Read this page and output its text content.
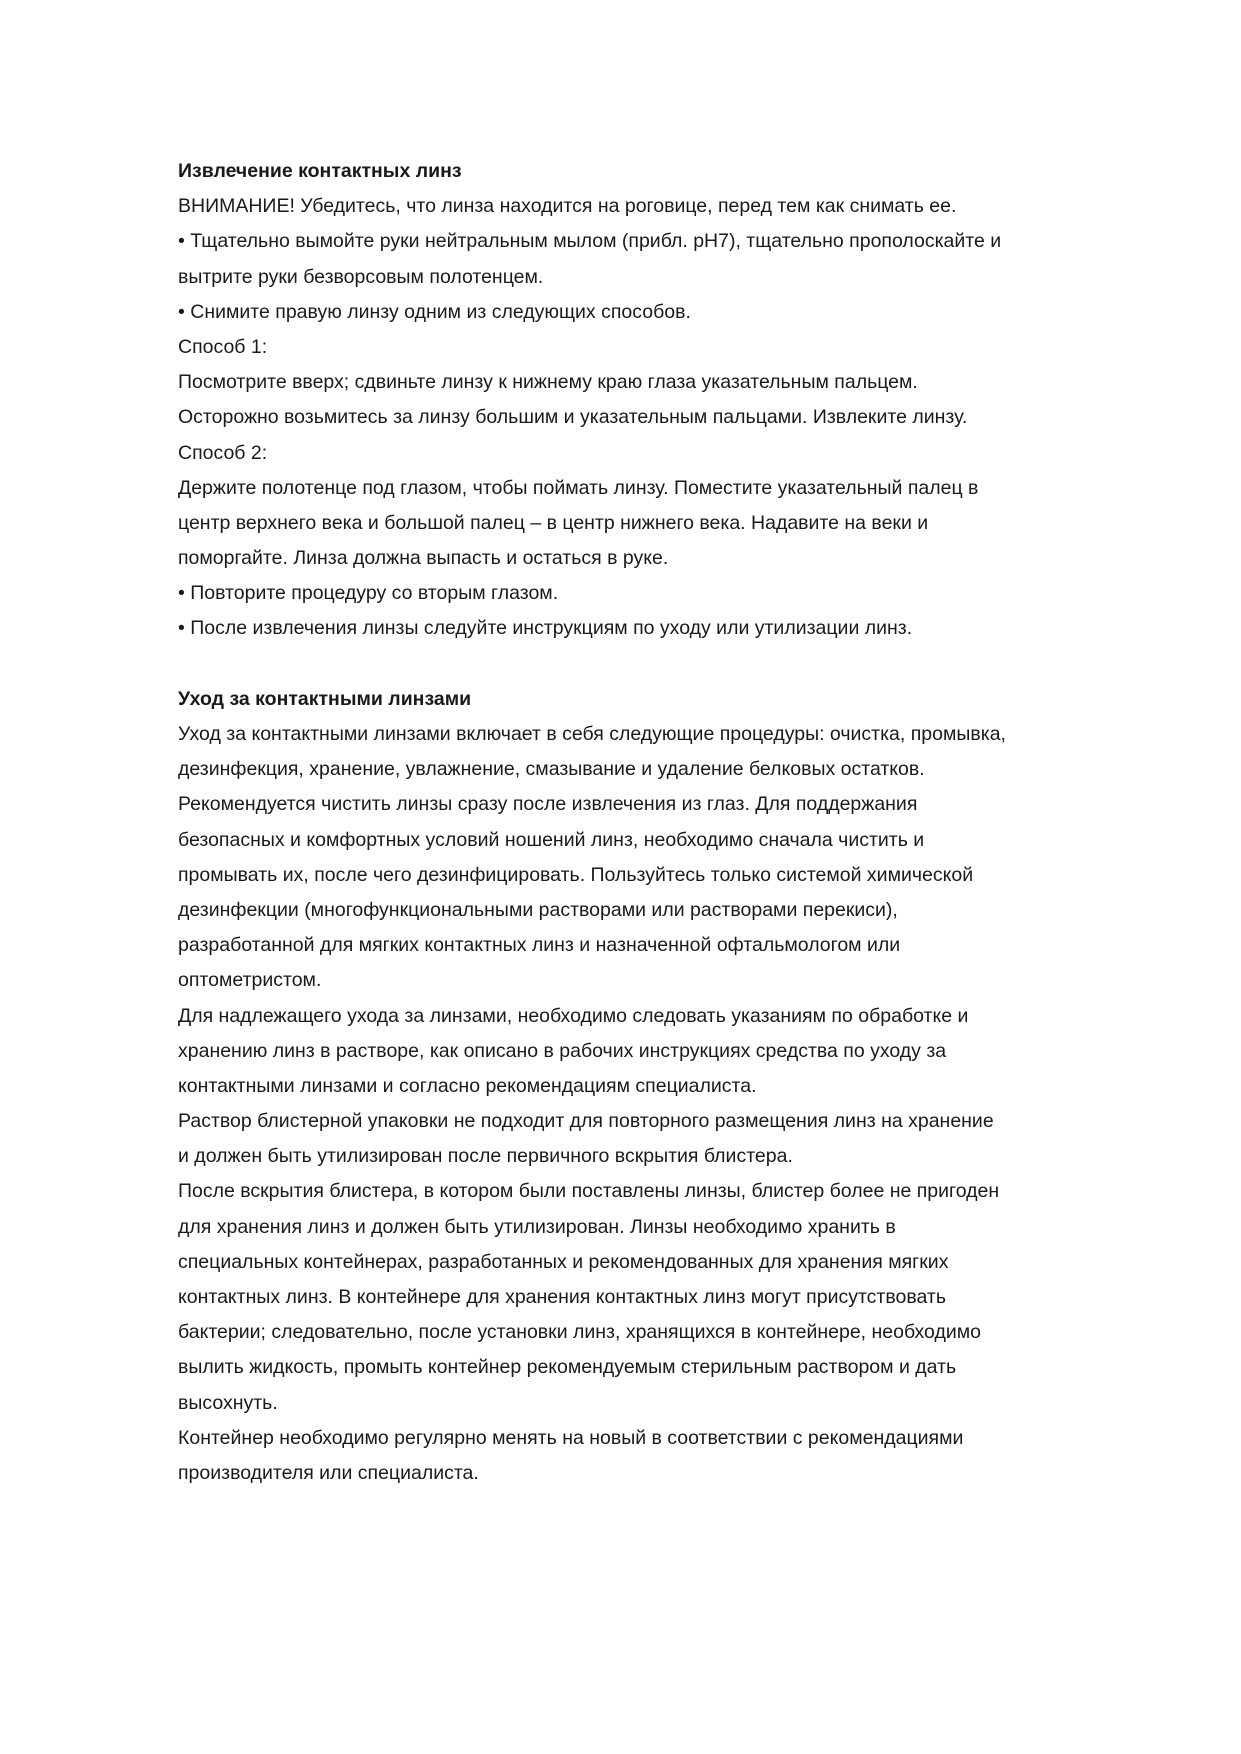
Извлечение контактных линз
ВНИМАНИЕ! Убедитесь, что линза находится на роговице, перед тем как снимать ее.
• Тщательно вымойте руки нейтральным мылом (прибл. pH7), тщательно прополоскайте и
вытрите руки безворсовым полотенцем.
• Снимите правую линзу одним из следующих способов.
Способ 1:
Посмотрите вверх; сдвиньте линзу к нижнему краю глаза указательным пальцем.
Осторожно возьмитесь за линзу большим и указательным пальцами. Извлеките линзу.
Способ 2:
Держите полотенце под глазом, чтобы поймать линзу. Поместите указательный палец в
центр верхнего века и большой палец – в центр нижнего века. Надавите на веки и
поморгайте. Линза должна выпасть и остаться в руке.
• Повторите процедуру со вторым глазом.
• После извлечения линзы следуйте инструкциям по уходу или утилизации линз.
Уход за контактными линзами
Уход за контактными линзами включает в себя следующие процедуры: очистка, промывка,
дезинфекция, хранение, увлажнение, смазывание и удаление белковых остатков.
Рекомендуется чистить линзы сразу после извлечения из глаз. Для поддержания
безопасных и комфортных условий ношений линз, необходимо сначала чистить и
промывать их, после чего дезинфицировать. Пользуйтесь только системой химической
дезинфекции (многофункциональными растворами или растворами перекиси),
разработанной для мягких контактных линз и назначенной офтальмологом или
оптометристом.
Для надлежащего ухода за линзами, необходимо следовать указаниям по обработке и
хранению линз в растворе, как описано в рабочих инструкциях средства по уходу за
контактными линзами и согласно рекомендациям специалиста.
Раствор блистерной упаковки не подходит для повторного размещения линз на хранение
и должен быть утилизирован после первичного вскрытия блистера.
После вскрытия блистера, в котором были поставлены линзы, блистер более не пригоден
для хранения линз и должен быть утилизирован. Линзы необходимо хранить в
специальных контейнерах, разработанных и рекомендованных для хранения мягких
контактных линз. В контейнере для хранения контактных линз могут присутствовать
бактерии; следовательно, после установки линз, хранящихся в контейнере, необходимо
вылить жидкость, промыть контейнер рекомендуемым стерильным раствором и дать
высохнуть.
Контейнер необходимо регулярно менять на новый в соответствии с рекомендациями
производителя или специалиста.
